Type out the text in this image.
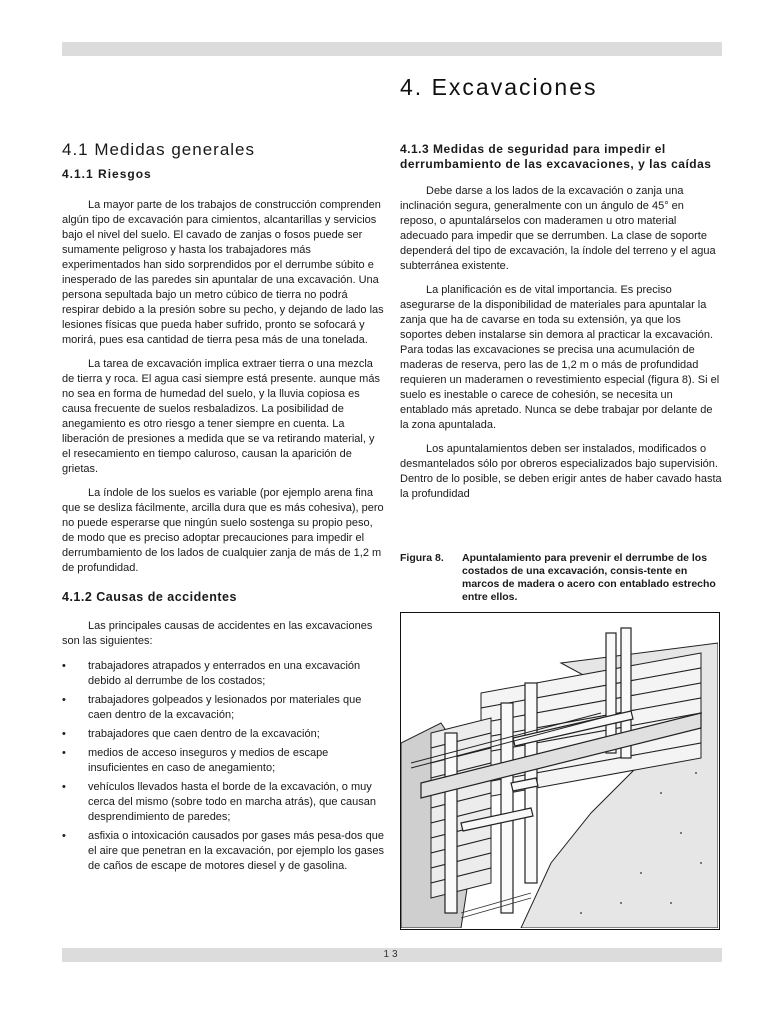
4. Excavaciones
4.1 Medidas generales
4.1.1 Riesgos

La mayor parte de los trabajos de construcción comprenden algún tipo de excavación para cimientos, alcantarillas y servicios bajo el nivel del suelo. El cavado de zanjas o fosos puede ser sumamente peligroso y hasta los trabajadores más experimentados han sido sorprendidos por el derrumbe súbito e inesperado de las paredes sin apuntalar de una excavación. Una persona sepultada bajo un metro cúbico de tierra no podrá respirar debido a la presión sobre su pecho, y dejando de lado las lesiones físicas que pueda haber sufrido, pronto se sofocará y morirá, pues esa cantidad de tierra pesa más de una tonelada.

La tarea de excavación implica extraer tierra o una mezcla de tierra y roca. El agua casi siempre está presente. aunque más no sea en forma de humedad del suelo, y la lluvia copiosa es causa frecuente de suelos resbaladizos. La posibilidad de anegamiento es otro riesgo a tener siempre en cuenta. La liberación de presiones a medida que se va retirando material, y el resecamiento en tiempo caluroso, causan la aparición de grietas.

La índole de los suelos es variable (por ejemplo arena fina que se desliza fácilmente, arcilla dura que es más cohesiva), pero no puede esperarse que ningún suelo sostenga su propio peso, de modo que es preciso adoptar precauciones para impedir el derrumbamiento de los lados de cualquier zanja de más de 1,2 m de profundidad.

4.1.2 Causas de accidentes

Las principales causas de accidentes en las excavaciones son las siguientes:

• trabajadores atrapados y enterrados en una excavación debido al derrumbe de los costados;
• trabajadores golpeados y lesionados por materiales que caen dentro de la excavación;
• trabajadores que caen dentro de la excavación;
• medios de acceso inseguros y medios de escape insuficientes en caso de anegamiento;
• vehículos llevados hasta el borde de la excavación, o muy cerca del mismo (sobre todo en marcha atrás), que causan desprendimiento de paredes;
• asfixia o intoxicación causados por gases más pesa-dos que el aire que penetran en la excavación, por ejemplo los gases de caños de escape de motores diesel y de gasolina.
4.1.3 Medidas de seguridad para impedir el derrumbamiento de las excavaciones, y las caídas

Debe darse a los lados de la excavación o zanja una inclinación segura, generalmente con un ángulo de 45° en reposo, o apuntalárselos con maderamen u otro material adecuado para impedir que se derrumben. La clase de soporte dependerá del tipo de excavación, la índole del terreno y el agua subterránea existente.

La planificación es de vital importancia. Es preciso asegurarse de la disponibilidad de materiales para apuntalar la zanja que ha de cavarse en toda su extensión, ya que los soportes deben instalarse sin demora al practicar la excavación. Para todas las excavaciones se precisa una acumulación de maderas de reserva, pero las de 1,2 m o más de profundidad requieren un maderamen o revestimiento especial (figura 8). Si el suelo es inestable o carece de cohesión, se necesita un entablado más apretado. Nunca se debe trabajar por delante de la zona apuntalada.

Los apuntalamientos deben ser instalados, modificados o desmantelados sólo por obreros especializados bajo supervisión. Dentro de lo posible, se deben erigir antes de haber cavado hasta la profundidad

Figura 8. Apuntalamiento para prevenir el derrumbe de los costados de una excavación, consis-tente en marcos de madera o acero con entablado estrecho entre ellos.
13
